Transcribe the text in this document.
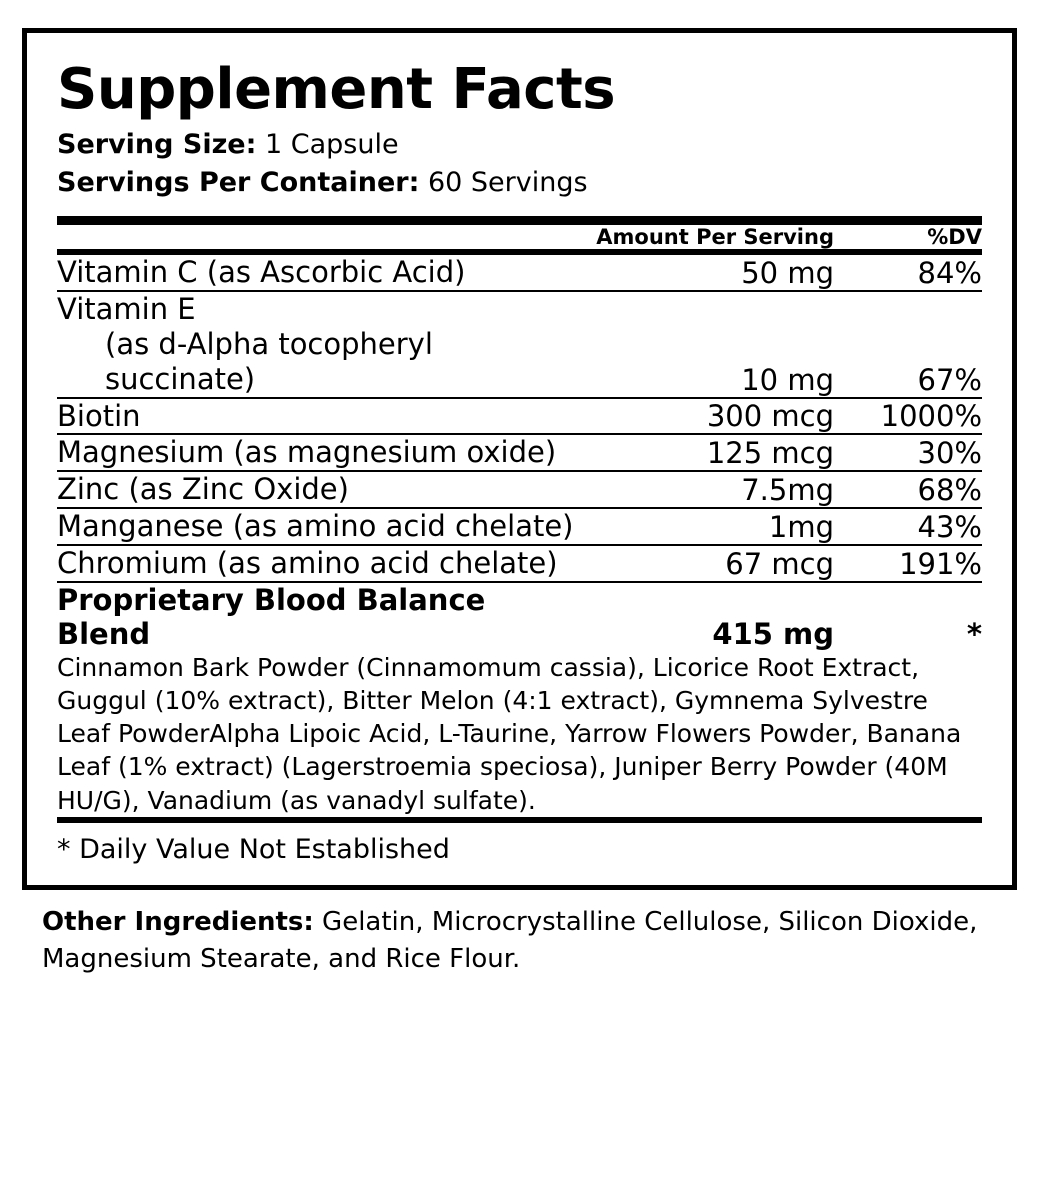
Supplement Facts
Serving Size: 1 Capsule
Servings Per Container: 60 Servings
	Amount Per Serving	%DV
Vitamin C (as Ascorbic Acid)	50 mg	84%
Vitamin E
(as d-Alpha tocopheryl succinate)	10 mg	67%
Biotin	300 mcg	1000%
Magnesium (as magnesium oxide)	125 mcg	30%
Zinc (as Zinc Oxide)	7.5mg	68%
Manganese (as amino acid chelate)	1mg	43%
Chromium (as amino acid chelate)	67 mcg	191%
Proprietary Blood Balance Blend	415 mg	*
Cinnamon Bark Powder (Cinnamomum cassia), Licorice Root Extract, Guggul (10% extract), Bitter Melon (4:1 extract), Gymnema Sylvestre Leaf PowderAlpha Lipoic Acid, L-Taurine, Yarrow Flowers Powder, Banana Leaf (1% extract) (Lagerstroemia speciosa), Juniper Berry Powder (40M HU/G), Vanadium (as vanadyl sulfate).
* Daily Value Not Established
Other Ingredients: Gelatin, Microcrystalline Cellulose, Silicon Dioxide, Magnesium Stearate, and Rice Flour.
